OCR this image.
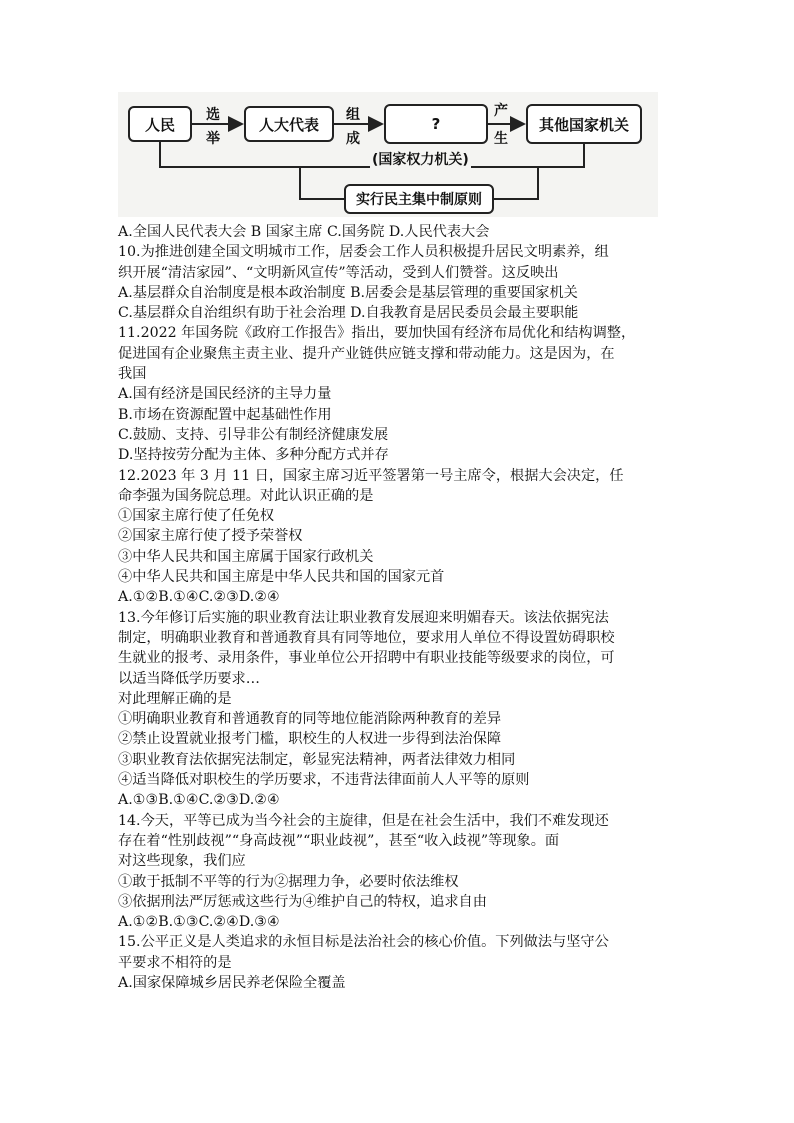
人民
选
举
人大代表
组
成
?
产
生
其他国家机关
(国家权力机关)
实行民主集中制原则

A.全国人民代表大会 B 国家主席 C.国务院 D.人民代表大会

10.为推进创建全国文明城市工作，居委会工作人员积极提升居民文明素养，组

织开展“清洁家园”、“文明新风宣传”等活动，受到人们赞誉。这反映出

A.基层群众自治制度是根本政治制度 B.居委会是基层管理的重要国家机关

C.基层群众自治组织有助于社会治理 D.自我教育是居民委员会最主要职能

11.2022 年国务院《政府工作报告》指出，要加快国有经济布局优化和结构调整，

促进国有企业聚焦主责主业、提升产业链供应链支撑和带动能力。这是因为，在

我国

A.国有经济是国民经济的主导力量

B.市场在资源配置中起基础性作用

C.鼓励、支持、引导非公有制经济健康发展

D.坚持按劳分配为主体、多种分配方式并存

12.2023 年 3 月 11 日，国家主席习近平签署第一号主席令，根据大会决定，任

命李强为国务院总理。对此认识正确的是

①国家主席行使了任免权

②国家主席行使了授予荣誉权

③中华人民共和国主席属于国家行政机关

④中华人民共和国主席是中华人民共和国的国家元首

A.①②B.①④C.②③D.②④

13.今年修订后实施的职业教育法让职业教育发展迎来明媚春天。该法依据宪法

制定，明确职业教育和普通教育具有同等地位，要求用人单位不得设置妨碍职校

生就业的报考、录用条件，事业单位公开招聘中有职业技能等级要求的岗位，可

以适当降低学历要求…

对此理解正确的是

①明确职业教育和普通教育的同等地位能消除两种教育的差异

②禁止设置就业报考门槛，职校生的人权进一步得到法治保障

③职业教育法依据宪法制定，彰显宪法精神，两者法律效力相同

④适当降低对职校生的学历要求，不违背法律面前人人平等的原则

A.①③B.①④C.②③D.②④

14.今天，平等已成为当今社会的主旋律，但是在社会生活中，我们不难发现还

存在着“性别歧视”“身高歧视”“职业歧视”，甚至“收入歧视”等现象。面

对这些现象，我们应

①敢于抵制不平等的行为②据理力争，必要时依法维权

③依据刑法严厉惩戒这些行为④维护自己的特权，追求自由

A.①②B.①③C.②④D.③④

15.公平正义是人类追求的永恒目标是法治社会的核心价值。下列做法与坚守公

平要求不相符的是

A.国家保障城乡居民养老保险全覆盖
